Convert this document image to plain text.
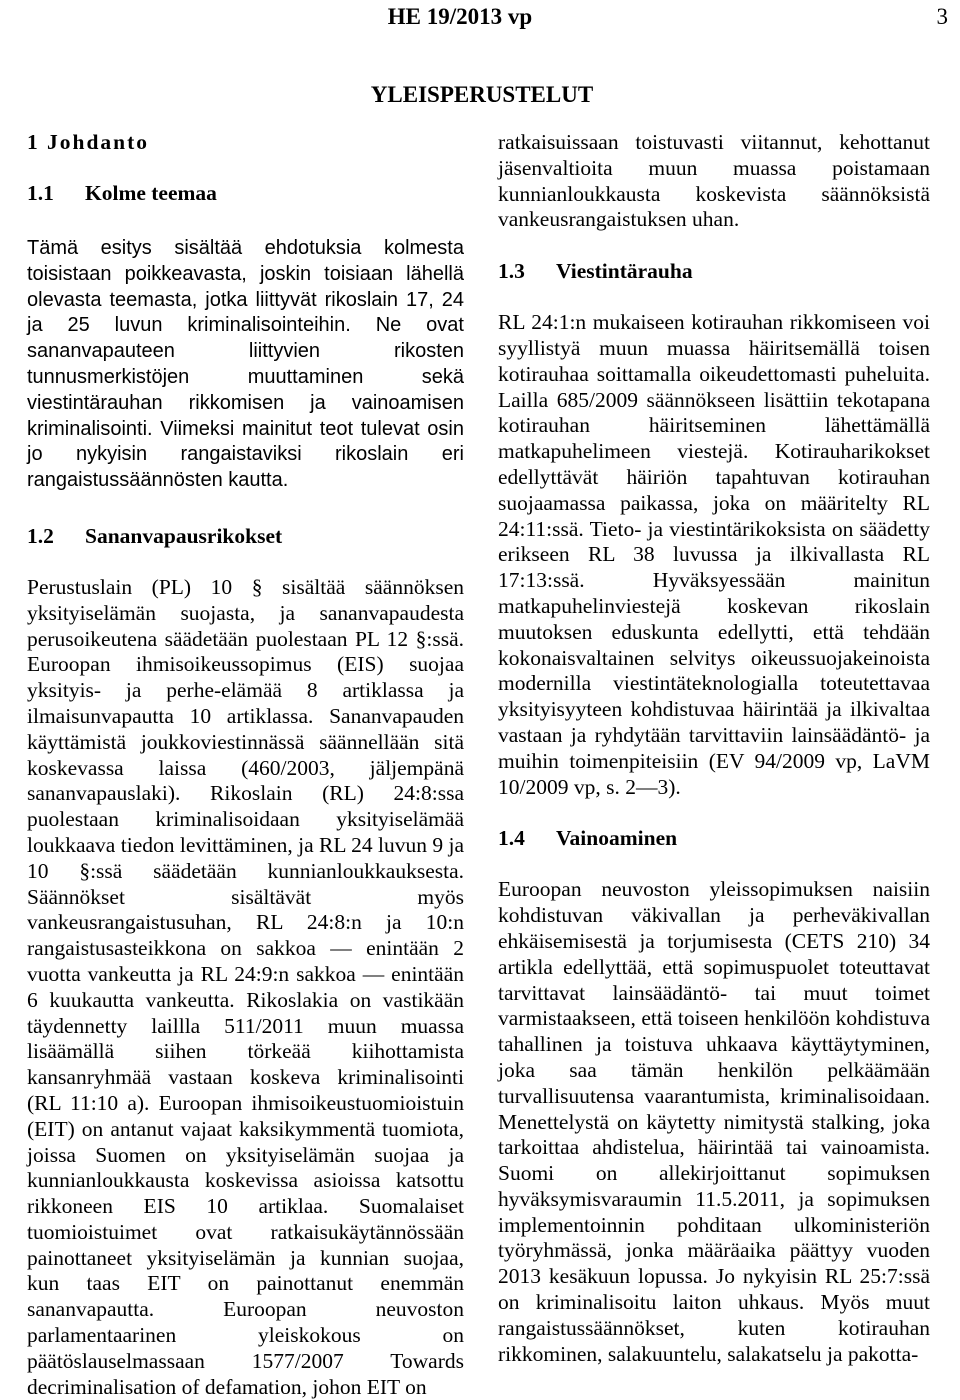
HE 19/2013 vp	3
YLEISPERUSTELUT
1 Johdanto
1.1 Kolme teemaa

Tämä esitys sisältää ehdotuksia kolmesta toisistaan poikkeavasta, joskin toisiaan lähellä olevasta teemasta, jotka liittyvät rikoslain 17, 24 ja 25 luvun kriminalisointeihin. Ne ovat sananvapauteen liittyvien rikosten tunnusmerkistöjen muuttaminen sekä viestintärauhan rikkomisen ja vainoamisen kriminalisointi. Viimeksi mainitut teot tulevat osin jo nykyisin rangaistaviksi rikoslain eri rangaistussäännösten kautta.

1.2 Sananvapausrikokset

Perustuslain (PL) 10 § sisältää säännöksen yksityiselämän suojasta, ja sananvapaudesta perusoikeutena säädetään puolestaan PL 12 §:ssä. Euroopan ihmisoikeussopimus (EIS) suojaa yksityis- ja perhe-elämää 8 artiklassa ja ilmaisunvapautta 10 artiklassa. Sananvapauden käyttämistä joukkoviestinnässä säännellään sitä koskevassa laissa (460/2003, jäljempänä sananvapauslaki). Rikoslain (RL) 24:8:ssa puolestaan kriminalisoidaan yksityiselämää loukkaava tiedon levittäminen, ja RL 24 luvun 9 ja 10 §:ssä säädetään kunnianloukkauksesta. Säännökset sisältävät myös vankeusrangaistusuhan, RL 24:8:n ja 10:n rangaistusasteikkona on sakkoa — enintään 2 vuotta vankeutta ja RL 24:9:n sakkoa — enintään 6 kuukautta vankeutta. Rikoslakia on vastikään täydennetty laillla 511/2011 muun muassa lisäämällä siihen törkeää kiihottamista kansanryhmää vastaan koskeva kriminalisointi (RL 11:10 a). Euroopan ihmisoikeustuomioistuin (EIT) on antanut vajaat kaksikymmentä tuomiota, joissa Suomen on yksityiselämän suojaa ja kunnianloukkausta koskevissa asioissa katsottu rikkoneen EIS 10 artiklaa. Suomalaiset tuomioistuimet ovat ratkaisukäytännössään painottaneet yksityiselämän ja kunnian suojaa, kun taas EIT on painottanut enemmän sananvapautta. Euroopan neuvoston parlamentaarinen yleiskokous on päätöslauselmassaan 1577/2007 Towards decriminalisation of defamation, johon EIT on

ratkaisuissaan toistuvasti viitannut, kehottanut jäsenvaltioita muun muassa poistamaan kunnianloukkausta koskevista säännöksistä vankeusrangaistuksen uhan.

1.3 Viestintärauha

RL 24:1:n mukaiseen kotirauhan rikkomiseen voi syyllistyä muun muassa häiritsemällä toisen kotirauhaa soittamalla oikeudettomasti puheluita. Lailla 685/2009 säännökseen lisättiin tekotapana kotirauhan häiritseminen lähettämällä matkapuhelimeen viestejä. Kotirauharikokset edellyttävät häiriön tapahtuvan kotirauhan suojaamassa paikassa, joka on määritelty RL 24:11:ssä. Tieto- ja viestintärikoksista on säädetty erikseen RL 38 luvussa ja ilkivallasta RL 17:13:ssä. Hyväksyessään mainitun matkapuhelinviestejä koskevan rikoslain muutoksen eduskunta edellytti, että tehdään kokonaisvaltainen selvitys oikeussuojakeinoista modernilla viestintäteknologialla toteutettavaa yksityisyyteen kohdistuvaa häirintää ja ilkivaltaa vastaan ja ryhdytään tarvittaviin lainsäädäntö- ja muihin toimenpiteisiin (EV 94/2009 vp, LaVM 10/2009 vp, s. 2—3).

1.4 Vainoaminen

Euroopan neuvoston yleissopimuksen naisiin kohdistuvan väkivallan ja perheväkivallan ehkäisemisestä ja torjumisesta (CETS 210) 34 artikla edellyttää, että sopimuspuolet toteuttavat tarvittavat lainsäädäntö- tai muut toimet varmistaakseen, että toiseen henkilöön kohdistuva tahallinen ja toistuva uhkaava käyttäytyminen, joka saa tämän henkilön pelkäämään turvallisuutensa vaarantumista, kriminalisoidaan. Menettelystä on käytetty nimitystä stalking, joka tarkoittaa ahdistelua, häirintää tai vainoamista. Suomi on allekirjoittanut sopimuksen hyväksymisvaraumin 11.5.2011, ja sopimuksen implementoinnin pohditaan ulkoministeriön työryhmässä, jonka määräaika päättyy vuoden 2013 kesäkuun lopussa. Jo nykyisin RL 25:7:ssä on kriminalisoitu laiton uhkaus. Myös muut rangaistussäännökset, kuten kotirauhan rikkominen, salakuuntelu, salakatselu ja pakotta-
